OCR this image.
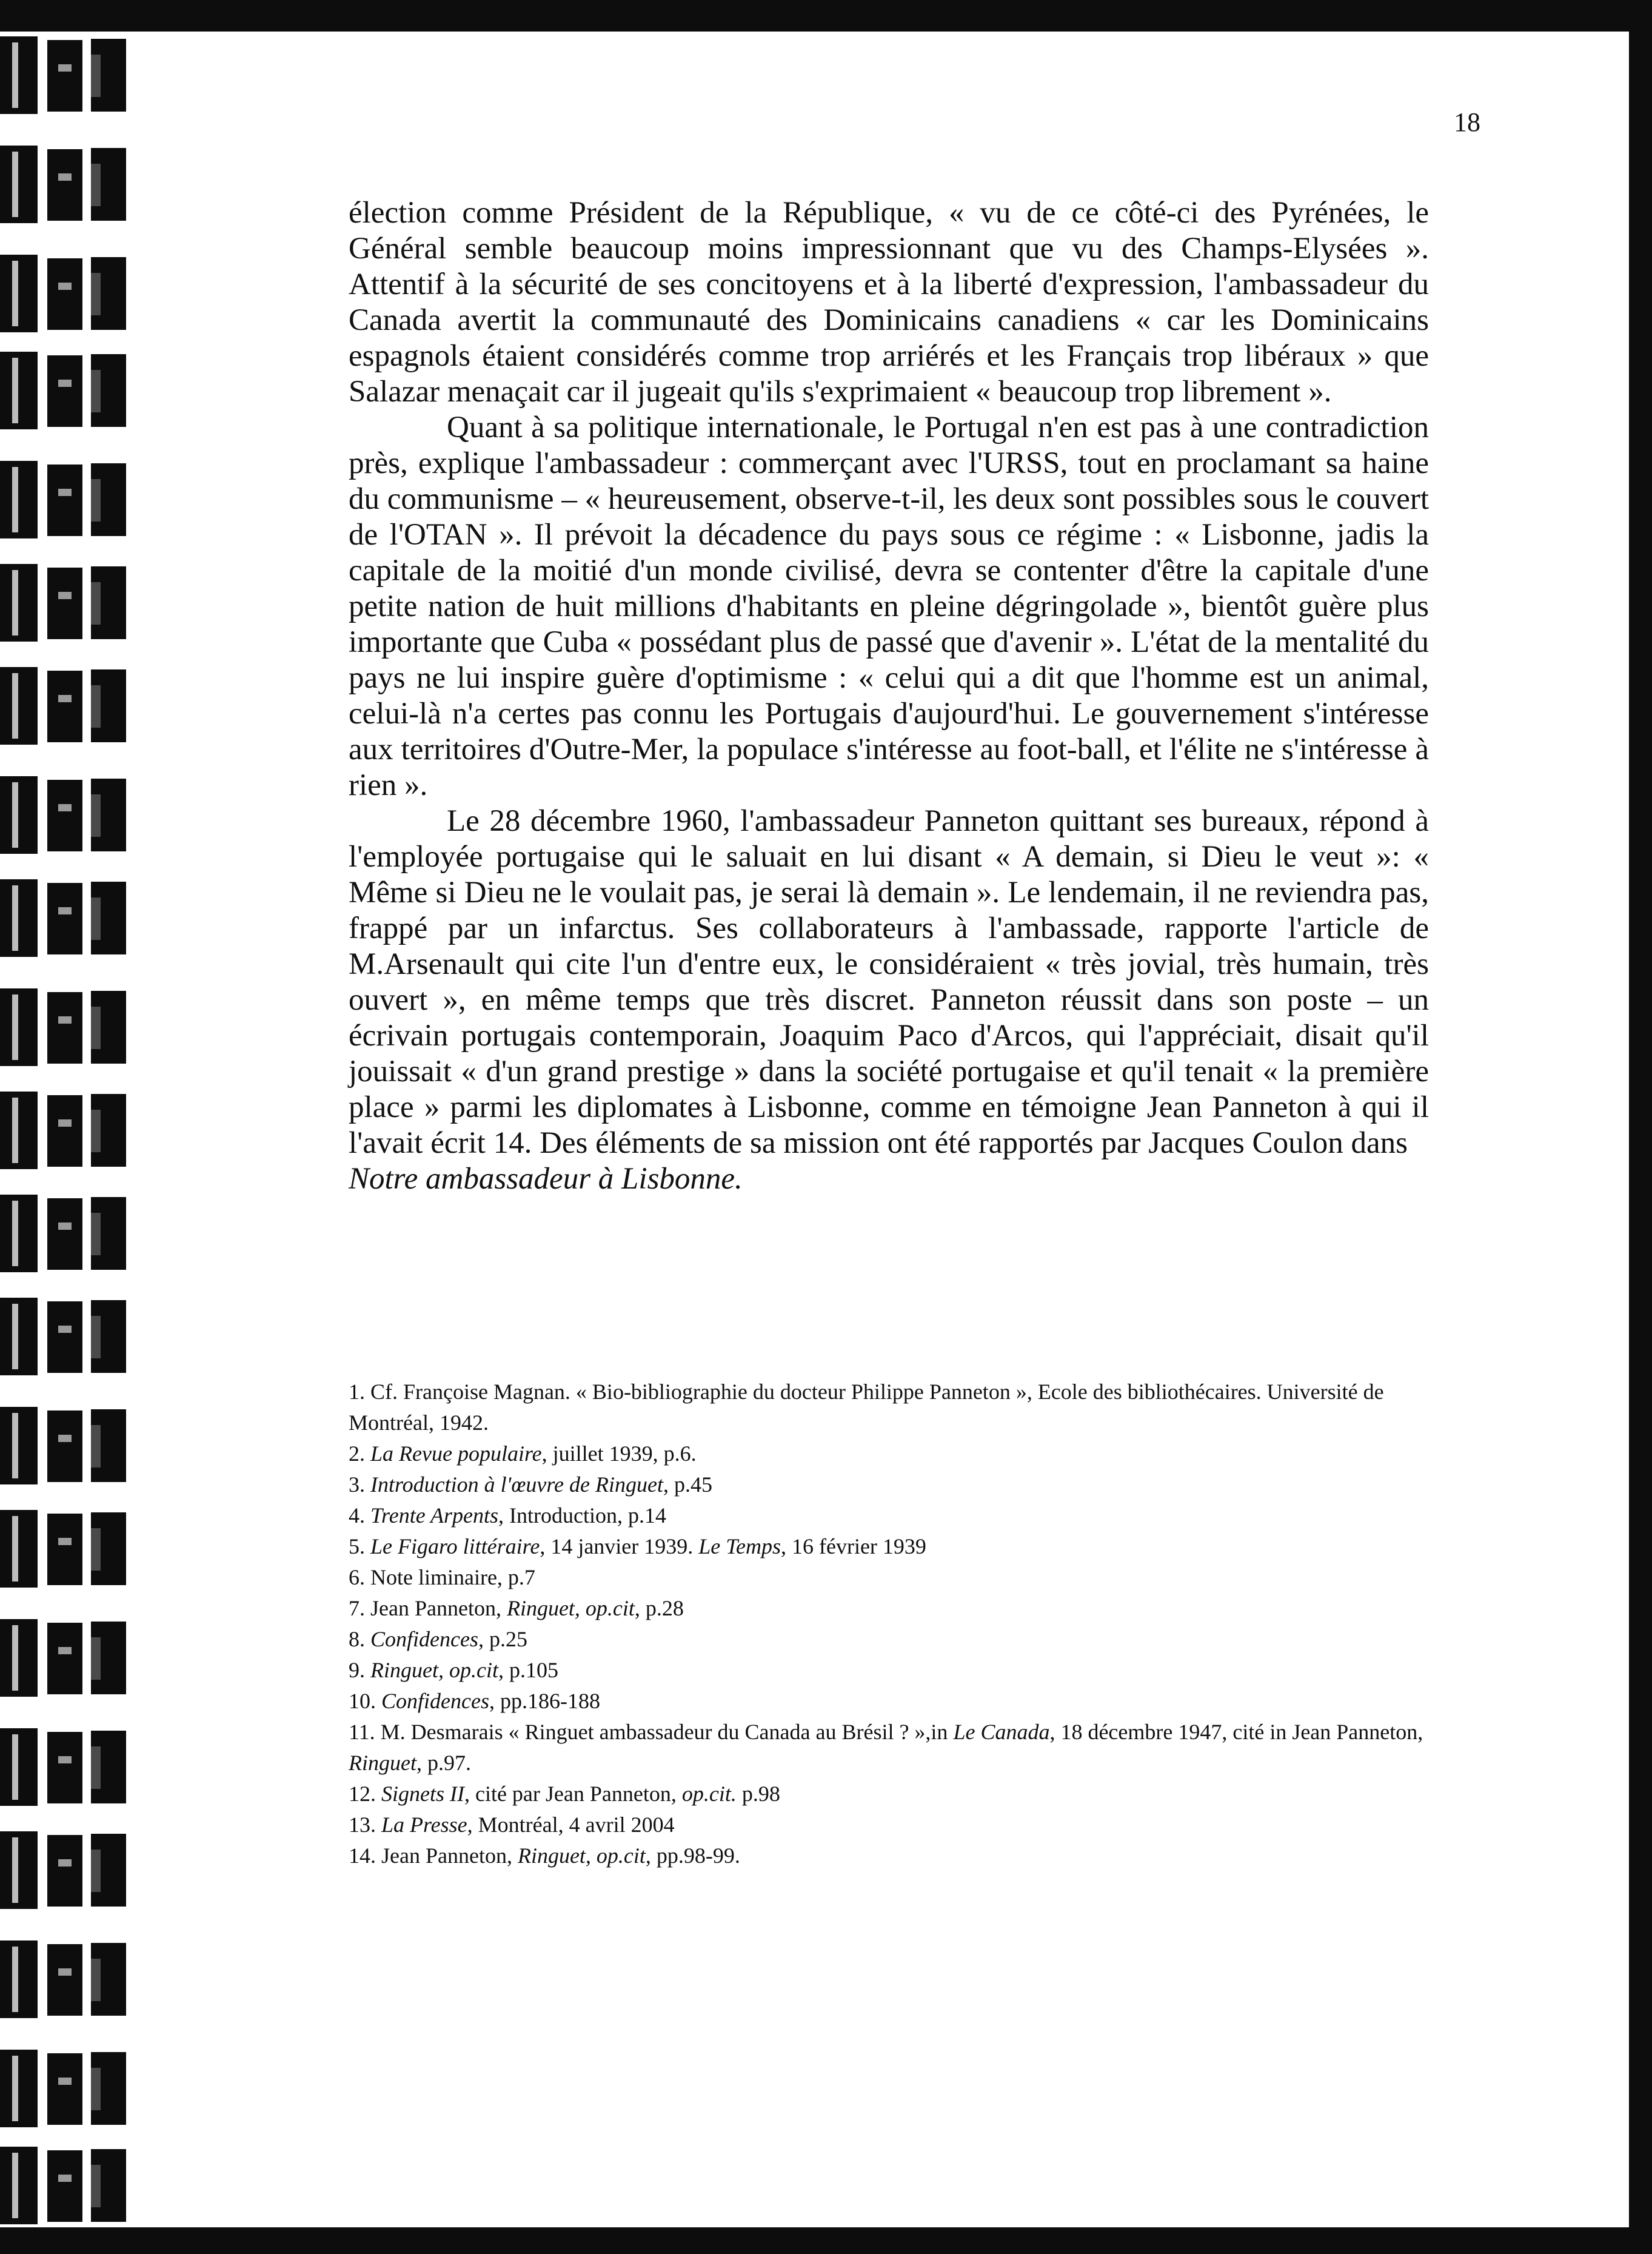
18

élection comme Président de la République, « vu de ce côté-ci des Pyrénées, le Général semble beaucoup moins impressionnant que vu des Champs-Elysées ». Attentif à la sécurité de ses concitoyens et à la liberté d'expression, l'ambassadeur du Canada avertit la communauté des Dominicains canadiens « car les Dominicains espagnols étaient considérés comme trop arriérés et les Français trop libéraux » que Salazar menaçait car il jugeait qu'ils s'exprimaient « beaucoup trop librement ».

Quant à sa politique internationale, le Portugal n'en est pas à une contradiction près, explique l'ambassadeur : commerçant avec l'URSS, tout en proclamant sa haine du communisme – « heureusement, observe-t-il, les deux sont possibles sous le couvert de l'OTAN ». Il prévoit la décadence du pays sous ce régime : « Lisbonne, jadis la capitale de la moitié d'un monde civilisé, devra se contenter d'être la capitale d'une petite nation de huit millions d'habitants en pleine dégringolade », bientôt guère plus importante que Cuba « possédant plus de passé que d'avenir ». L'état de la mentalité du pays ne lui inspire guère d'optimisme : « celui qui a dit que l'homme est un animal, celui-là n'a certes pas connu les Portugais d'aujourd'hui. Le gouvernement s'intéresse aux territoires d'Outre-Mer, la populace s'intéresse au foot-ball, et l'élite ne s'intéresse à rien ».

Le 28 décembre 1960, l'ambassadeur Panneton quittant ses bureaux, répond à l'employée portugaise qui le saluait en lui disant « A demain, si Dieu le veut »: « Même si Dieu ne le voulait pas, je serai là demain ». Le lendemain, il ne reviendra pas, frappé par un infarctus. Ses collaborateurs à l'ambassade, rapporte l'article de M.Arsenault qui cite l'un d'entre eux, le considéraient « très jovial, très humain, très ouvert », en même temps que très discret. Panneton réussit dans son poste – un écrivain portugais contemporain, Joaquim Paco d'Arcos, qui l'appréciait, disait qu'il jouissait « d'un grand prestige » dans la société portugaise et qu'il tenait « la première place » parmi les diplomates à Lisbonne, comme en témoigne Jean Panneton à qui il l'avait écrit 14. Des éléments de sa mission ont été rapportés par Jacques Coulon dans
Notre ambassadeur à Lisbonne.

1. Cf. Françoise Magnan. « Bio-bibliographie du docteur Philippe Panneton », Ecole des bibliothécaires. Université de Montréal, 1942.

2. La Revue populaire, juillet 1939, p.6.

3. Introduction à l'œuvre de Ringuet, p.45

4. Trente Arpents, Introduction, p.14

5. Le Figaro littéraire, 14 janvier 1939. Le Temps, 16 février 1939

6. Note liminaire, p.7

7. Jean Panneton, Ringuet, op.cit, p.28

8. Confidences, p.25

9. Ringuet, op.cit, p.105

10. Confidences, pp.186-188

11. M. Desmarais « Ringuet ambassadeur du Canada au Brésil ? »,in Le Canada, 18 décembre 1947, cité in Jean Panneton, Ringuet, p.97.

12. Signets II, cité par Jean Panneton, op.cit. p.98

13. La Presse, Montréal, 4 avril 2004

14. Jean Panneton, Ringuet, op.cit, pp.98-99.
